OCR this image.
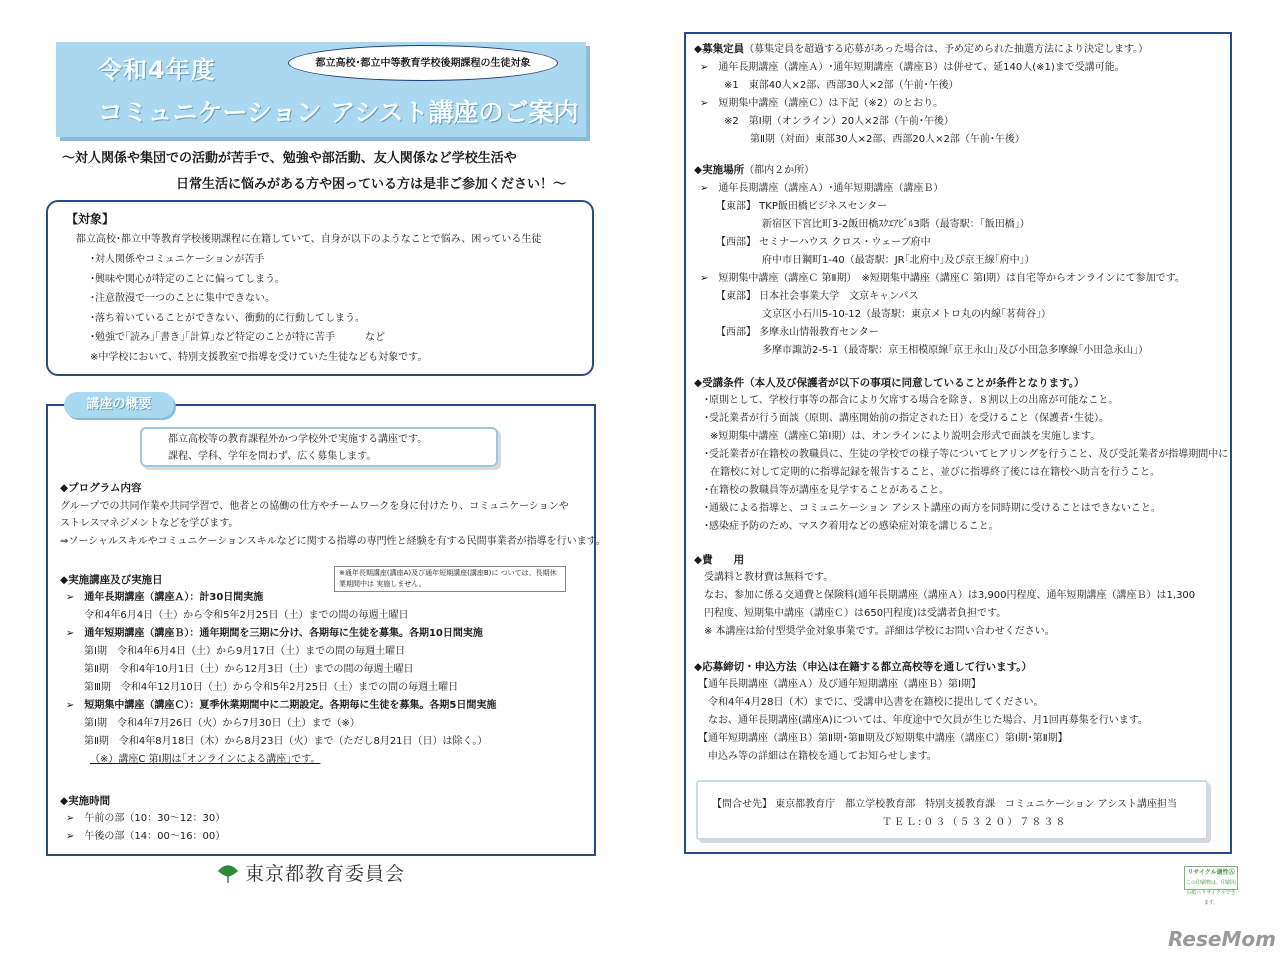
令和4年度
コミュニケーション アシスト講座のご案内
都立高校･都立中等教育学校後期課程の生徒対象
～対人関係や集団での活動が苦手で、勉強や部活動、友人関係など学校生活や
日常生活に悩みがある方や困っている方は是非ご参加ください！～
【対象】
都立高校･都立中等教育学校後期課程に在籍していて、自身が以下のようなことで悩み、困っている生徒
･対人関係やコミュニケーションが苦手
･興味や関心が特定のことに偏ってしまう。
･注意散漫で一つのことに集中できない。
･落ち着いていることができない、衝動的に行動してしまう。
･勉強で｢読み｣｢書き｣｢計算｣など特定のことが特に苦手　　　など
※中学校において、特別支援教室で指導を受けていた生徒なども対象です。
講座の概要
都立高校等の教育課程外かつ学校外で実施する講座です。
課程、学科、学年を問わず、広く募集します。
◆プログラム内容
グループでの共同作業や共同学習で、他者との協働の仕方やチームワークを身に付けたり、コミュニケーションや
ストレスマネジメントなどを学びます。
⇒ソーシャルスキルやコミュニケーションスキルなどに関する指導の専門性と経験を有する民間事業者が指導を行います。
◆実施講座及び実施日
➢　通年長期講座（講座Ａ）：計30日間実施
令和4年6月4日（土）から令和5年2月25日（土）までの間の毎週土曜日
➢　通年短期講座（講座Ｂ）：通年期間を三期に分け、各期毎に生徒を募集。各期10日間実施
第Ⅰ期　令和4年6月4日（土）から9月17日（土）までの間の毎週土曜日
第Ⅱ期　令和4年10月1日（土）から12月3日（土）までの間の毎週土曜日
第Ⅲ期　令和4年12月10日（土）から令和5年2月25日（土）までの間の毎週土曜日
➢　短期集中講座（講座Ｃ）：夏季休業期間中に二期設定。各期毎に生徒を募集。各期5日間実施
第Ⅰ期　令和4年7月26日（火）から7月30日（土）まで（※）
第Ⅱ期　令和4年8月18日（木）から8月23日（火）まで（ただし8月21日（日）は除く。）
（※）講座C 第Ⅰ期は｢オンラインによる講座｣です。
※通年長期講座(講座A)及び通年短期講座(講座B)に ついては、長期休業期間中は 実施しません。
◆実施時間
➢　午前の部（10：30～12：30）
➢　午後の部（14：00～16：00）
東京都教育委員会
◆募集定員（募集定員を超過する応募があった場合は、予め定められた抽選方法により決定します。）
➢　通年長期講座（講座Ａ）･通年短期講座（講座Ｂ）は併せて、延140人(※1)まで受講可能。
※1　東部40人×2部、西部30人×2部（午前･午後）
➢　短期集中講座（講座Ｃ）は下記（※2）のとおり。
※2　第Ⅰ期（オンライン）20人×2部（午前･午後）
第Ⅱ期（対面）東部30人×2部、西部20人×2部（午前･午後）
◆実施場所（都内２か所）
➢　通年長期講座（講座Ａ）･通年短期講座（講座Ｂ）
【東部】 TKP飯田橋ビジネスセンター
新宿区下宮比町3-2飯田橋ｽｸｴｱﾋﾞﾙ3階（最寄駅：｢飯田橋｣）
【西部】 セミナーハウス クロス・ウェーブ府中
府中市日鋼町1-40（最寄駅：JR｢北府中｣及び京王線｢府中｣）
➢　短期集中講座（講座Ｃ 第Ⅱ期）　※短期集中講座（講座Ｃ 第Ⅰ期）は自宅等からオンラインにて参加です。
【東部】 日本社会事業大学　文京キャンパス
文京区小石川5-10-12（最寄駅：東京メトロ丸の内線｢茗荷谷｣）
【西部】 多摩永山情報教育センター
多摩市諏訪2-5-1（最寄駅：京王相模原線｢京王永山｣及び小田急多摩線｢小田急永山｣）
◆受講条件（本人及び保護者が以下の事項に同意していることが条件となります。）
･原則として、学校行事等の都合により欠席する場合を除き、８割以上の出席が可能なこと。
･受託業者が行う面談（原則、講座開始前の指定された日）を受けること（保護者･生徒）。
※短期集中講座（講座Ｃ第Ⅰ期）は、オンラインにより説明会形式で面談を実施します。
･受託業者が在籍校の教職員に、生徒の学校での様子等についてヒアリングを行うこと、及び受託業者が指導期間中に
在籍校に対して定期的に指導記録を報告すること、並びに指導終了後には在籍校へ助言を行うこと。
･在籍校の教職員等が講座を見学することがあること。
･通級による指導と、コミュニケーション アシスト講座の両方を同時期に受けることはできないこと。
･感染症予防のため、マスク着用などの感染症対策を講じること。
◆費　　用
受講料と教材費は無料です。
なお、参加に係る交通費と保険料(通年長期講座（講座Ａ）は3,900円程度、通年短期講座（講座Ｂ）は1,300
円程度、短期集中講座（講座Ｃ）は650円程度)は受講者負担です。
※ 本講座は給付型奨学金対象事業です。詳細は学校にお問い合わせください。
◆応募締切・申込方法（申込は在籍する都立高校等を通して行います。）
【通年長期講座（講座Ａ）及び通年短期講座（講座Ｂ）第Ⅰ期】
令和4年4月28日（木）までに、受講申込書を在籍校に提出してください。
なお、通年長期講座(講座A)については、年度途中で欠員が生じた場合、月1回再募集を行います。
【通年短期講座（講座Ｂ）第Ⅱ期･第Ⅲ期及び短期集中講座（講座Ｃ）第Ⅰ期･第Ⅱ期】
申込み等の詳細は在籍校を通してお知らせします。
【問合せ先】 東京都教育庁　都立学校教育部　特別支援教育課　コミュニケーション アシスト講座担当
ＴＥＬ:０３（５３２０）７８３８
リサイクル適性Ⓐ
この印刷物は、印刷用の紙へリサイクルできます。
ReseMom
